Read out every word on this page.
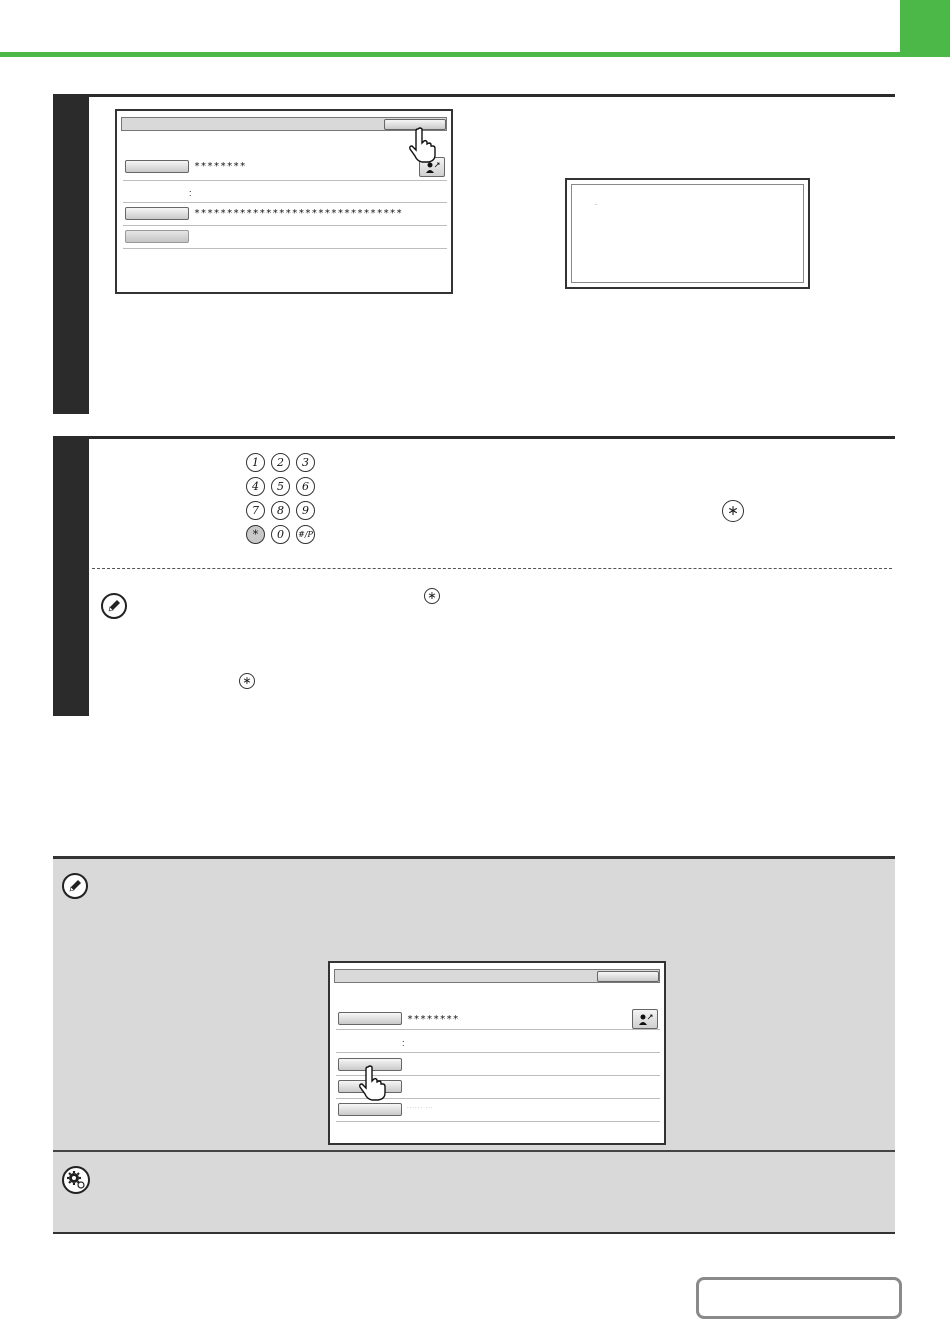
********
:
********************************
.
1	2	3
4	5	6
7	8	9
*	0	#/P
∗
∗
∗
********
:
...... ...
